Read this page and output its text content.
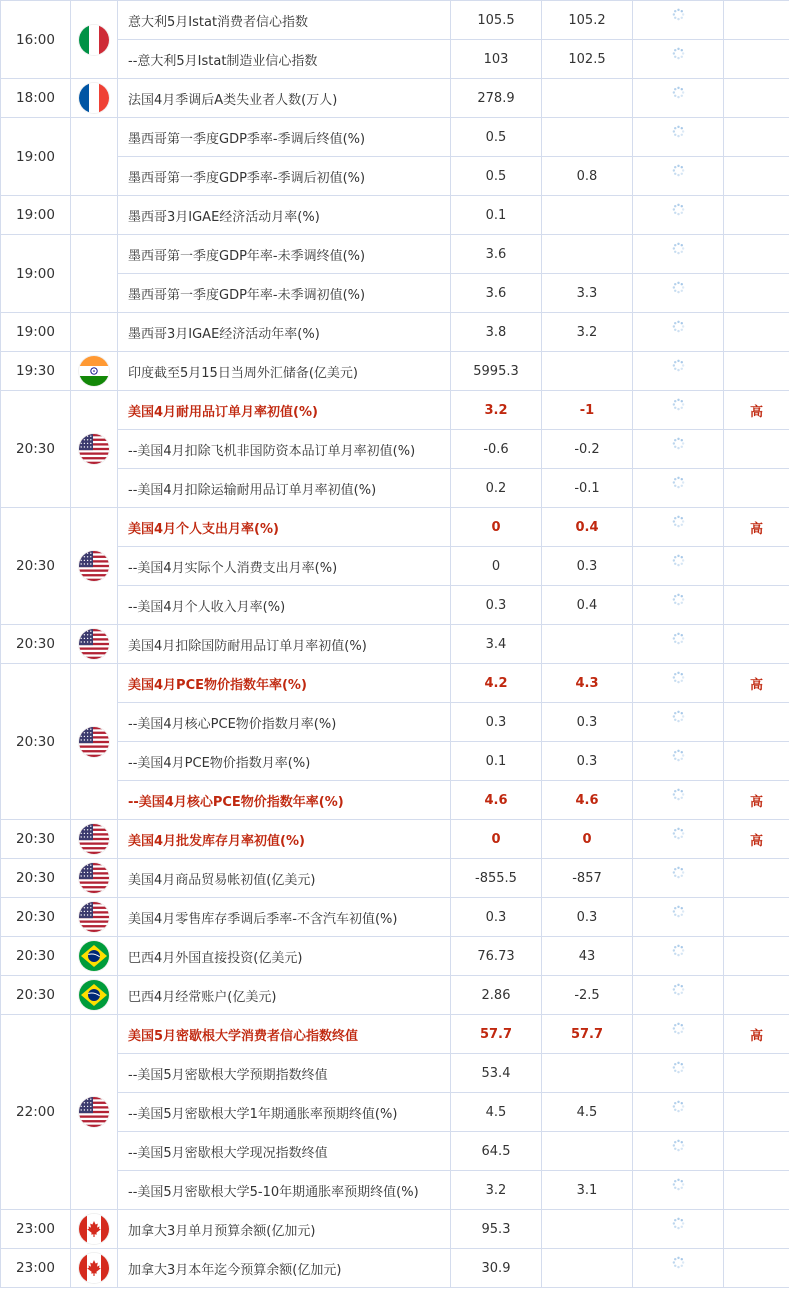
16:00		意大利5月Istat消费者信心指数	105.5	105.2	

		--意大利5月Istat制造业信心指数	103	102.5	

18:00		法国4月季调后A类失业者人数(万人)	278.9		

19:00		墨西哥第一季度GDP季率-季调后终值(%)	0.5		

		墨西哥第一季度GDP季率-季调后初值(%)	0.5	0.8	

19:00		墨西哥3月IGAE经济活动月率(%)	0.1		

19:00		墨西哥第一季度GDP年率-未季调终值(%)	3.6		

		墨西哥第一季度GDP年率-未季调初值(%)	3.6	3.3	

19:00		墨西哥3月IGAE经济活动年率(%)	3.8	3.2	

19:30		印度截至5月15日当周外汇储备(亿美元)	5995.3		

20:30		美国4月耐用品订单月率初值(%)	3.2	-1		高
		--美国4月扣除飞机非国防资本品订单月率初值(%)	-0.6	-0.2	

		--美国4月扣除运输耐用品订单月率初值(%)	0.2	-0.1	

20:30		美国4月个人支出月率(%)	0	0.4		高
		--美国4月实际个人消费支出月率(%)	0	0.3	

		--美国4月个人收入月率(%)	0.3	0.4	

20:30		美国4月扣除国防耐用品订单月率初值(%)	3.4		

20:30		美国4月PCE物价指数年率(%)	4.2	4.3		高
		--美国4月核心PCE物价指数月率(%)	0.3	0.3	

		--美国4月PCE物价指数月率(%)	0.1	0.3	

		--美国4月核心PCE物价指数年率(%)	4.6	4.6		高
20:30		美国4月批发库存月率初值(%)	0	0		高
20:30		美国4月商品贸易帐初值(亿美元)	-855.5	-857	

20:30		美国4月零售库存季调后季率-不含汽车初值(%)	0.3	0.3	

20:30		巴西4月外国直接投资(亿美元)	76.73	43	

20:30		巴西4月经常账户(亿美元)	2.86	-2.5	

22:00		美国5月密歇根大学消费者信心指数终值	57.7	57.7		高
		--美国5月密歇根大学预期指数终值	53.4		

		--美国5月密歇根大学1年期通胀率预期终值(%)	4.5	4.5	

		--美国5月密歇根大学现况指数终值	64.5		

		--美国5月密歇根大学5-10年期通胀率预期终值(%)	3.2	3.1	

23:00		加拿大3月单月预算余额(亿加元)	95.3		

23:00		加拿大3月本年迄今预算余额(亿加元)	30.9		
